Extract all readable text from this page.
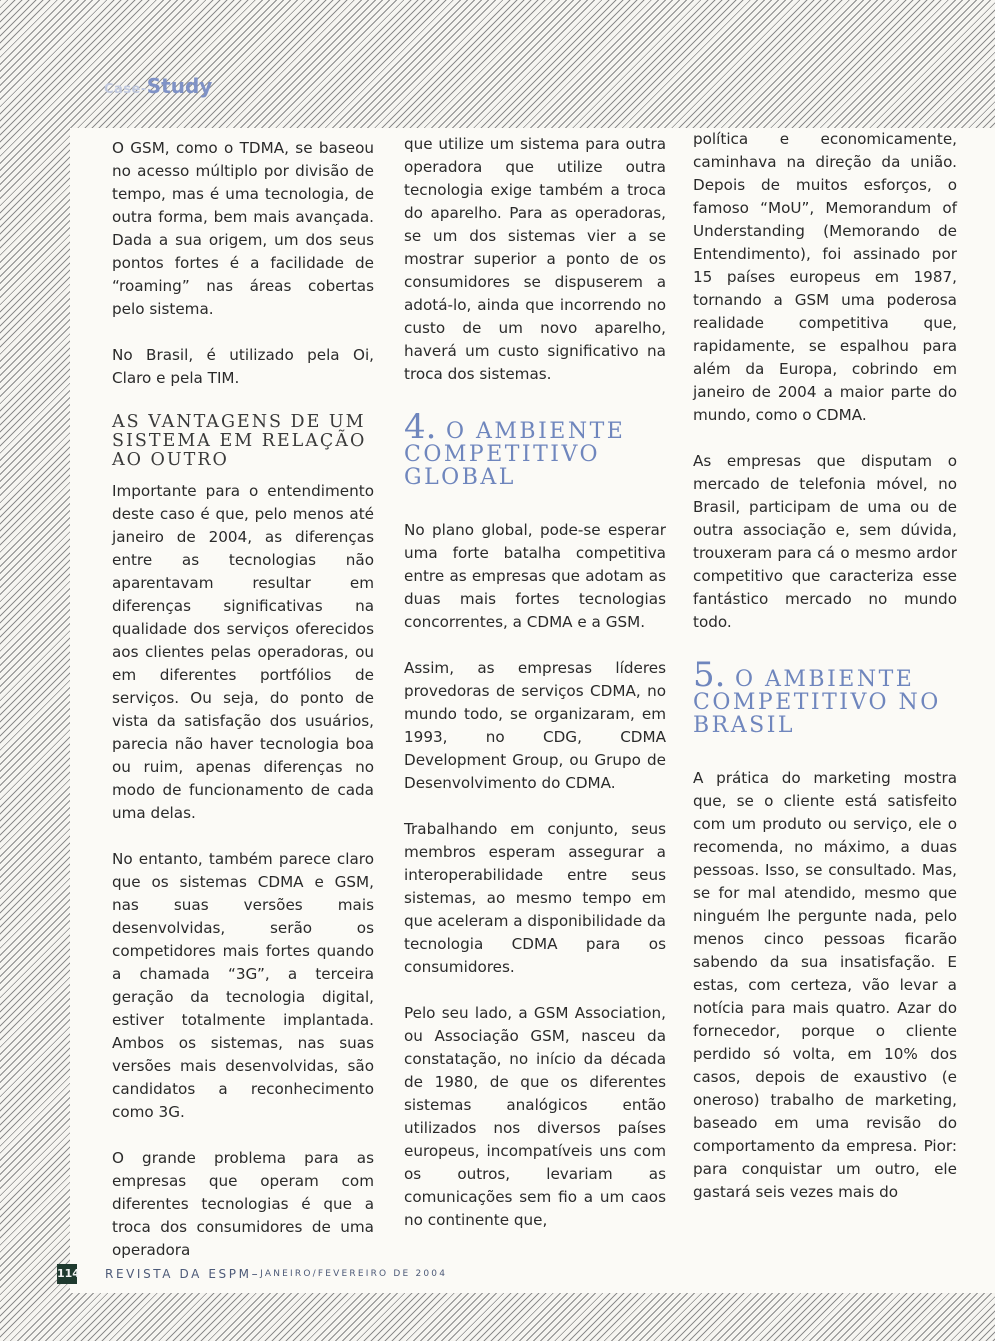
Case-Study

O GSM, como o TDMA, se baseou no acesso múltiplo por divisão de tempo, mas é uma tecnologia, de outra forma, bem mais avançada. Dada a sua origem, um dos seus pontos fortes é a facilidade de “roaming” nas áreas cobertas pelo sistema.

No Brasil, é utilizado pela Oi, Claro e pela TIM.

AS VANTAGENS DE UM SISTEMA EM RELAÇÃO AO OUTRO

Importante para o entendimento deste caso é que, pelo menos até janeiro de 2004, as diferenças entre as tecnologias não aparentavam resultar em diferenças significativas na qualidade dos serviços oferecidos aos clientes pelas operadoras, ou em diferentes portfólios de serviços. Ou seja, do ponto de vista da satisfação dos usuários, parecia não haver tecnologia boa ou ruim, apenas diferenças no modo de funcionamento de cada uma delas.

No entanto, também parece claro que os sistemas CDMA e GSM, nas suas versões mais desenvolvidas, serão os competidores mais fortes quando a chamada “3G”, a terceira geração da tecnologia digital, estiver totalmente implantada. Ambos os sistemas, nas suas versões mais desenvolvidas, são candidatos a reconhecimento como 3G.

O grande problema para as empresas que operam com diferentes tecnologias é que a troca dos consumidores de uma operadora

que utilize um sistema para outra operadora que utilize outra tecnologia exige também a troca do aparelho. Para as operadoras, se um dos sistemas vier a se mostrar superior a ponto de os consumidores se dispuserem a adotá-lo, ainda que incorrendo no custo de um novo aparelho, haverá um custo significativo na troca dos sistemas.

4. O AMBIENTE COMPETITIVO GLOBAL

No plano global, pode-se esperar uma forte batalha competitiva entre as empresas que adotam as duas mais fortes tecnologias concorrentes, a CDMA e a GSM.

Assim, as empresas líderes provedoras de serviços CDMA, no mundo todo, se organizaram, em 1993, no CDG, CDMA Development Group, ou Grupo de Desenvolvimento do CDMA.

Trabalhando em conjunto, seus membros esperam assegurar a interoperabilidade entre seus sistemas, ao mesmo tempo em que aceleram a disponibilidade da tecnologia CDMA para os consumidores.

Pelo seu lado, a GSM Association, ou Associação GSM, nasceu da constatação, no início da década de 1980, de que os diferentes sistemas analógicos então utilizados nos diversos países europeus, incompatíveis uns com os outros, levariam as comunicações sem fio a um caos no continente que,

política e economicamente, caminhava na direção da união. Depois de muitos esforços, o famoso “MoU”, Memorandum of Understanding (Memorando de Entendimento), foi assinado por 15 países europeus em 1987, tornando a GSM uma poderosa realidade competitiva que, rapidamente, se espalhou para além da Europa, cobrindo em janeiro de 2004 a maior parte do mundo, como o CDMA.

As empresas que disputam o mercado de telefonia móvel, no Brasil, participam de uma ou de outra associação e, sem dúvida, trouxeram para cá o mesmo ardor competitivo que caracteriza esse fantástico mercado no mundo todo.

5. O AMBIENTE COMPETITIVO NO BRASIL

A prática do marketing mostra que, se o cliente está satisfeito com um produto ou serviço, ele o recomenda, no máximo, a duas pessoas. Isso, se consultado. Mas, se for mal atendido, mesmo que ninguém lhe pergunte nada, pelo menos cinco pessoas ficarão sabendo da sua insatisfação. E estas, com certeza, vão levar a notícia para mais quatro. Azar do fornecedor, porque o cliente perdido só volta, em 10% dos casos, depois de exaustivo (e oneroso) trabalho de marketing, baseado em uma revisão do comportamento da empresa. Pior: para conquistar um outro, ele gastará seis vezes mais do

114 REVISTA DA ESPM – JANEIRO/FEVEREIRO DE 2004
